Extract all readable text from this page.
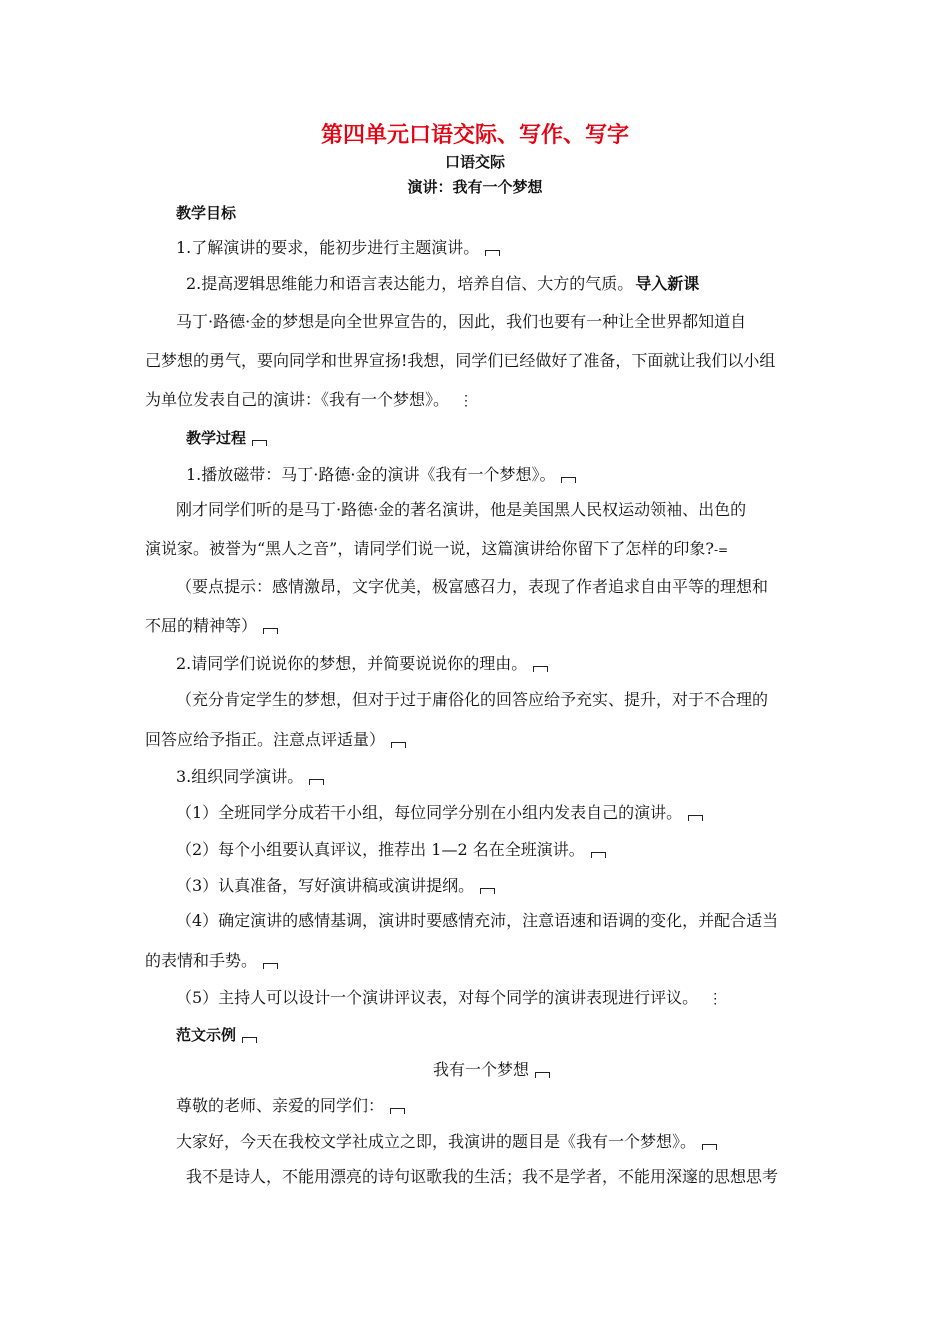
第四单元口语交际、写作、写字
口语交际
演讲：我有一个梦想
教学目标
1.了解演讲的要求，能初步进行主题演讲。
2.提高逻辑思维能力和语言表达能力，培养自信、大方的气质。 导入新课
马丁·路德·金的梦想是向全世界宣告的，因此，我们也要有一种让全世界都知道自
己梦想的勇气，要向同学和世界宣扬!我想，同学们已经做好了准备，下面就让我们以小组
为单位发表自己的演讲：《我有一个梦想》。 ⋮
教学过程
1.播放磁带：马丁·路德·金的演讲《我有一个梦想》。
刚才同学们听的是马丁·路德·金的著名演讲，他是美国黑人民权运动领袖、出色的
演说家。被誉为“黑人之音”，请同学们说一说，这篇演讲给你留下了怎样的印象?-=
（要点提示：感情激昂，文字优美，极富感召力，表现了作者追求自由平等的理想和
不屈的精神等）
2.请同学们说说你的梦想，并简要说说你的理由。
（充分肯定学生的梦想，但对于过于庸俗化的回答应给予充实、提升，对于不合理的
回答应给予指正。注意点评适量）
3.组织同学演讲。
（1）全班同学分成若干小组，每位同学分别在小组内发表自己的演讲。
（2）每个小组要认真评议，推荐出 1—2 名在全班演讲。
（3）认真准备，写好演讲稿或演讲提纲。
（4）确定演讲的感情基调，演讲时要感情充沛，注意语速和语调的变化，并配合适当
的表情和手势。
（5）主持人可以设计一个演讲评议表，对每个同学的演讲表现进行评议。 ⋮
范文示例
我有一个梦想
尊敬的老师、亲爱的同学们：
大家好，今天在我校文学社成立之即，我演讲的题目是《我有一个梦想》。
我不是诗人，不能用漂亮的诗句讴歌我的生活；我不是学者，不能用深邃的思想思考
